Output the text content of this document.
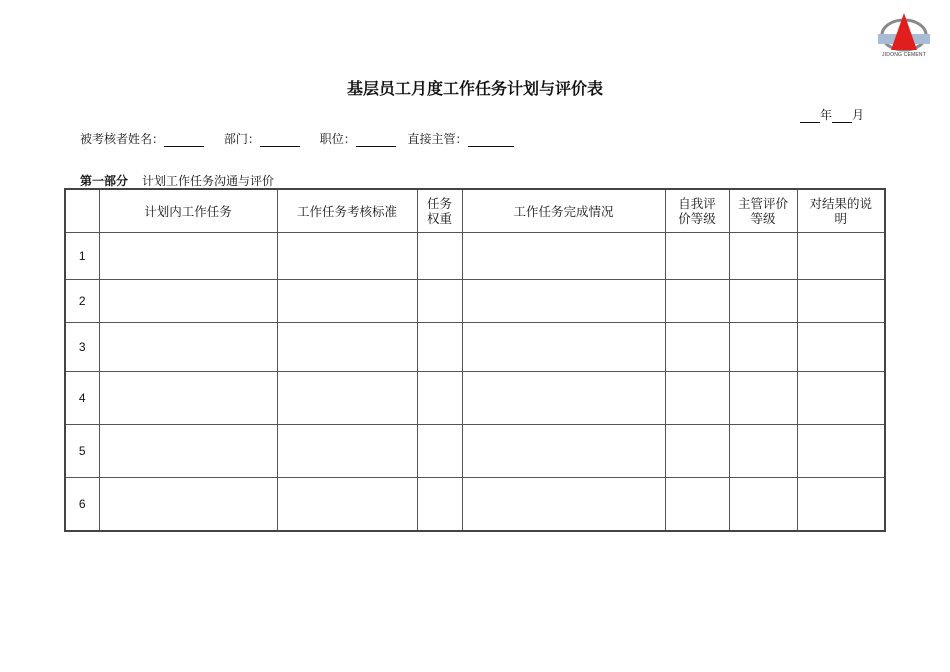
JIDONG CEMENT
基层员工月度工作任务计划与评价表
年 月
被考核者姓名：	部门：	职位：	直接主管：
第一部分 计划工作任务沟通与评价
	计划内工作任务	工作任务考核标准	任务权重	工作任务完成情况	自我评价等级	主管评价等级	对结果的说明

1							
2							
3							
4							
5							
6							
